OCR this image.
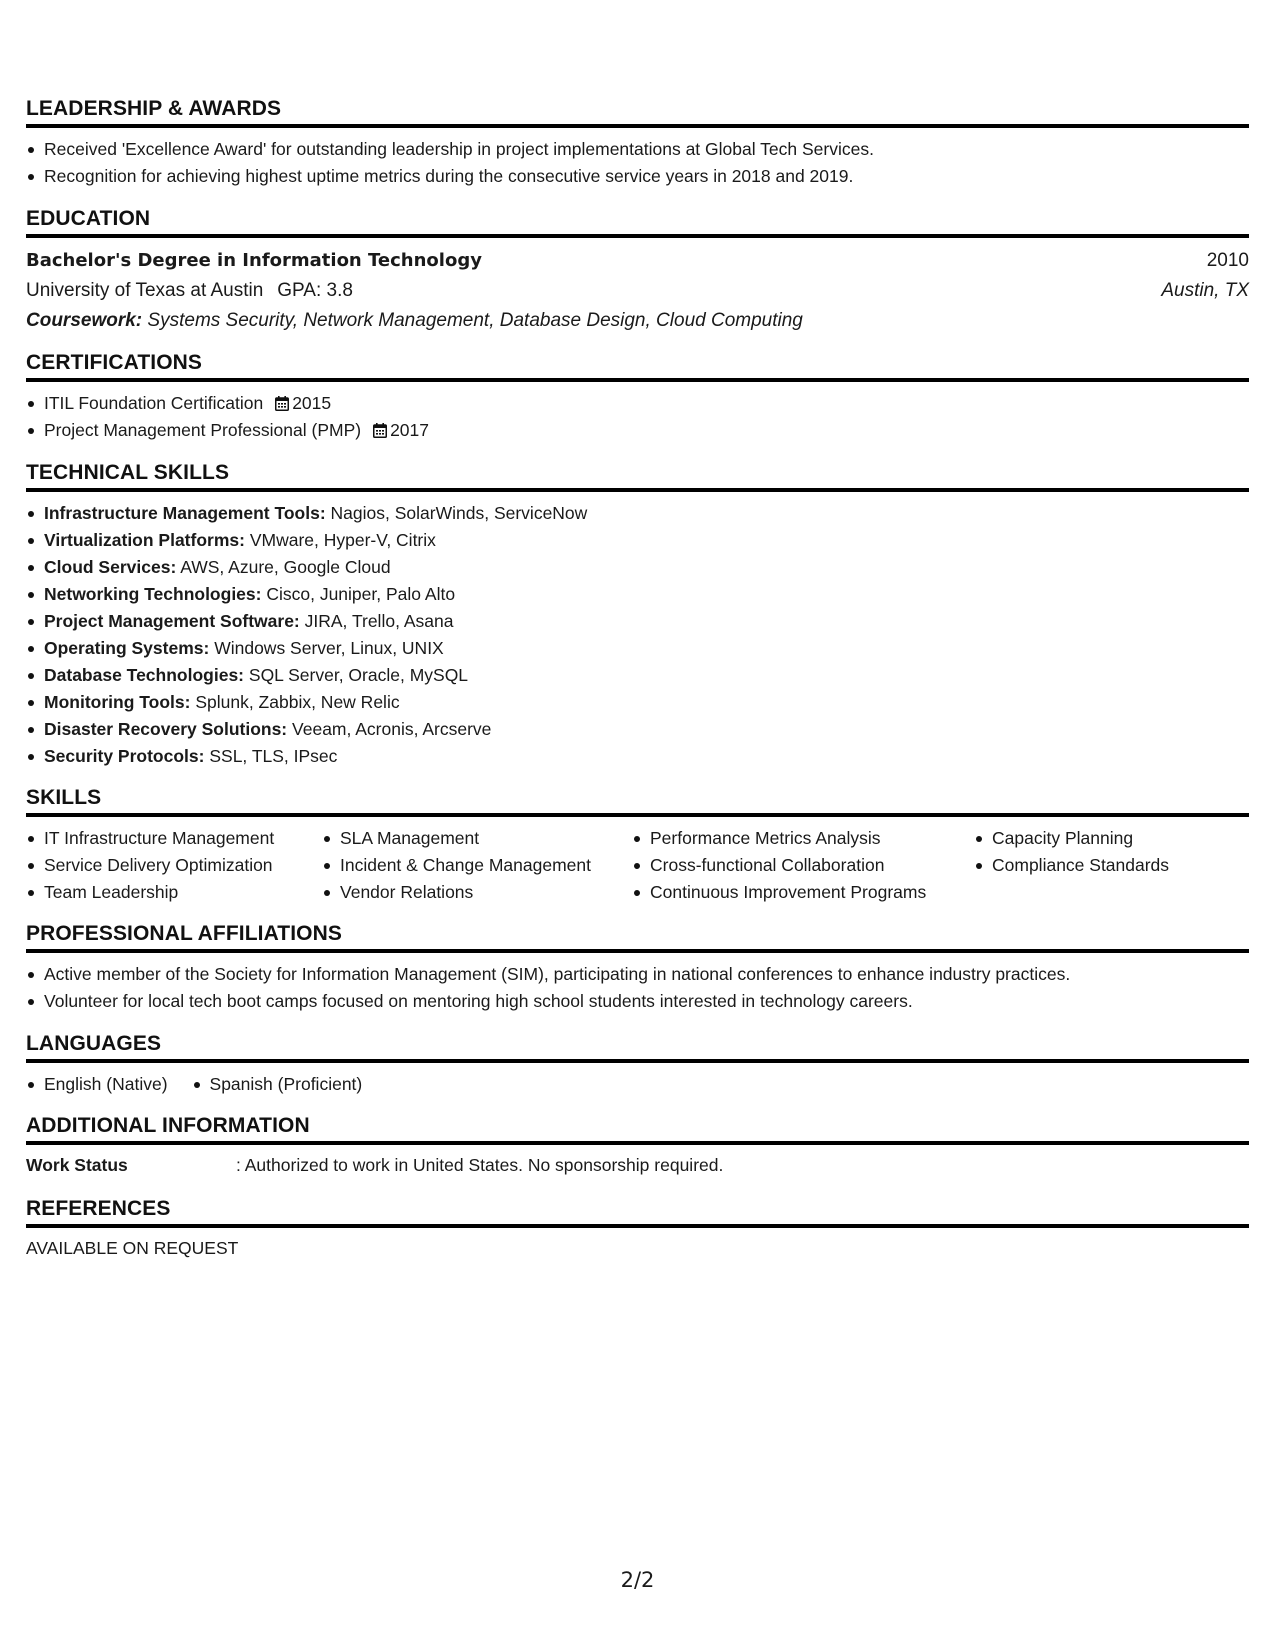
LEADERSHIP & AWARDS
Received 'Excellence Award' for outstanding leadership in project implementations at Global Tech Services.
Recognition for achieving highest uptime metrics during the consecutive service years in 2018 and 2019.
EDUCATION
Bachelor's Degree in Information Technology	2010
University of Texas at Austin GPA: 3.8	Austin, TX
Coursework: Systems Security, Network Management, Database Design, Cloud Computing
CERTIFICATIONS
ITIL Foundation Certification 2015
Project Management Professional (PMP) 2017
TECHNICAL SKILLS
Infrastructure Management Tools: Nagios, SolarWinds, ServiceNow
Virtualization Platforms: VMware, Hyper-V, Citrix
Cloud Services: AWS, Azure, Google Cloud
Networking Technologies: Cisco, Juniper, Palo Alto
Project Management Software: JIRA, Trello, Asana
Operating Systems: Windows Server, Linux, UNIX
Database Technologies: SQL Server, Oracle, MySQL
Monitoring Tools: Splunk, Zabbix, New Relic
Disaster Recovery Solutions: Veeam, Acronis, Arcserve
Security Protocols: SSL, TLS, IPsec
SKILLS
IT Infrastructure Management
Service Delivery Optimization
Team Leadership
SLA Management
Incident & Change Management
Vendor Relations
Performance Metrics Analysis
Cross-functional Collaboration
Continuous Improvement Programs
Capacity Planning
Compliance Standards
PROFESSIONAL AFFILIATIONS
Active member of the Society for Information Management (SIM), participating in national conferences to enhance industry practices.
Volunteer for local tech boot camps focused on mentoring high school students interested in technology careers.
LANGUAGES
English (Native)	Spanish (Proficient)
ADDITIONAL INFORMATION
Work Status	: Authorized to work in United States. No sponsorship required.
REFERENCES
AVAILABLE ON REQUEST
2/2
